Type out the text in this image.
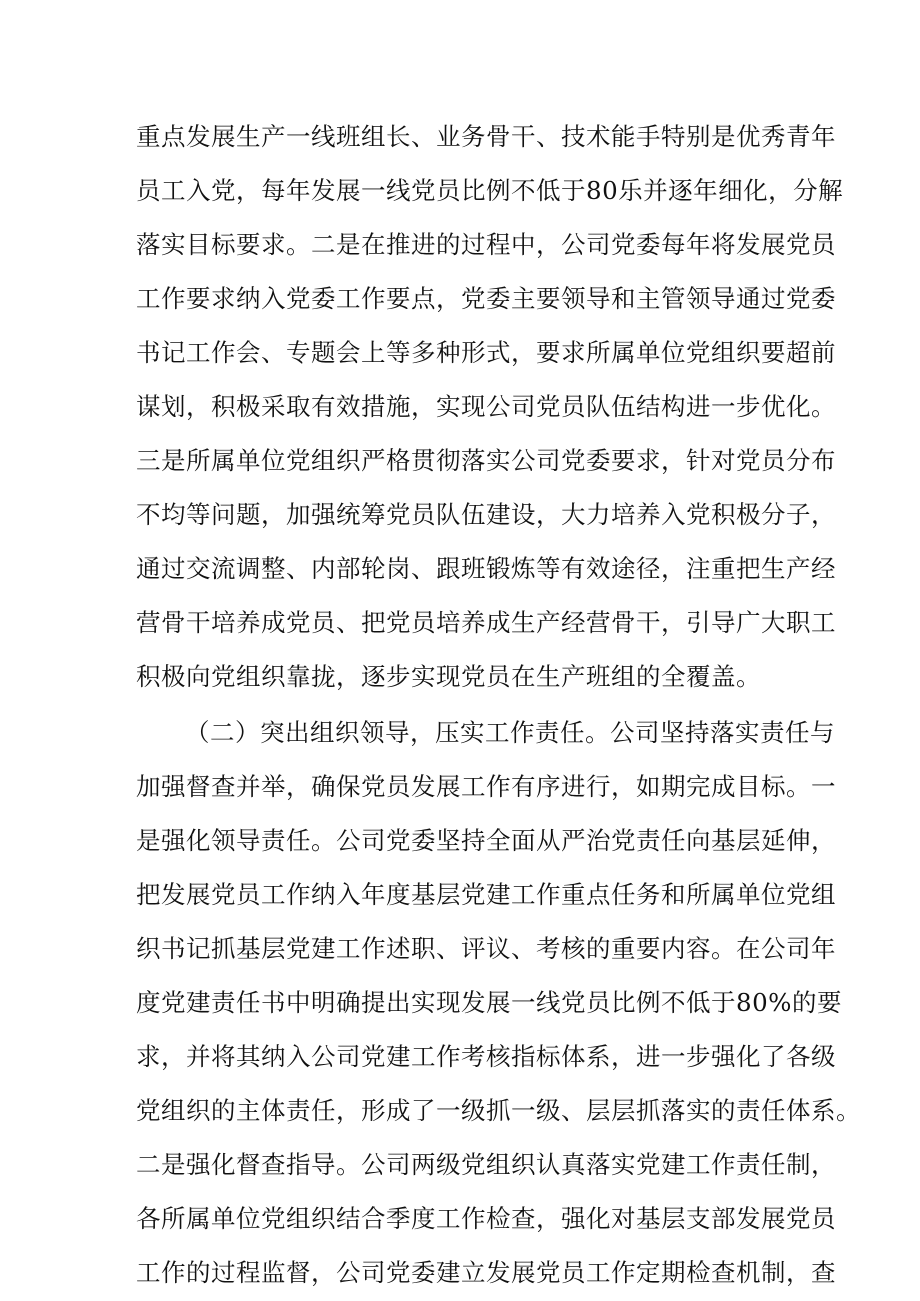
重点发展生产一线班组长、业务骨干、技术能手特别是优秀青年
员工入党，每年发展一线党员比例不低于80乐并逐年细化，分解
落实目标要求。二是在推进的过程中，公司党委每年将发展党员
工作要求纳入党委工作要点，党委主要领导和主管领导通过党委
书记工作会、专题会上等多种形式，要求所属单位党组织要超前
谋划，积极采取有效措施，实现公司党员队伍结构进一步优化。
三是所属单位党组织严格贯彻落实公司党委要求，针对党员分布
不均等问题，加强统筹党员队伍建设，大力培养入党积极分子，
通过交流调整、内部轮岗、跟班锻炼等有效途径，注重把生产经
营骨干培养成党员、把党员培养成生产经营骨干，引导广大职工
积极向党组织靠拢，逐步实现党员在生产班组的全覆盖。
（二）突出组织领导，压实工作责任。公司坚持落实责任与
加强督查并举，确保党员发展工作有序进行，如期完成目标。一
是强化领导责任。公司党委坚持全面从严治党责任向基层延伸，
把发展党员工作纳入年度基层党建工作重点任务和所属单位党组
织书记抓基层党建工作述职、评议、考核的重要内容。在公司年
度党建责任书中明确提出实现发展一线党员比例不低于80%的要
求，并将其纳入公司党建工作考核指标体系，进一步强化了各级
党组织的主体责任，形成了一级抓一级、层层抓落实的责任体系。
二是强化督查指导。公司两级党组织认真落实党建工作责任制，
各所属单位党组织结合季度工作检查，强化对基层支部发展党员
工作的过程监督，公司党委建立发展党员工作定期检查机制，查
